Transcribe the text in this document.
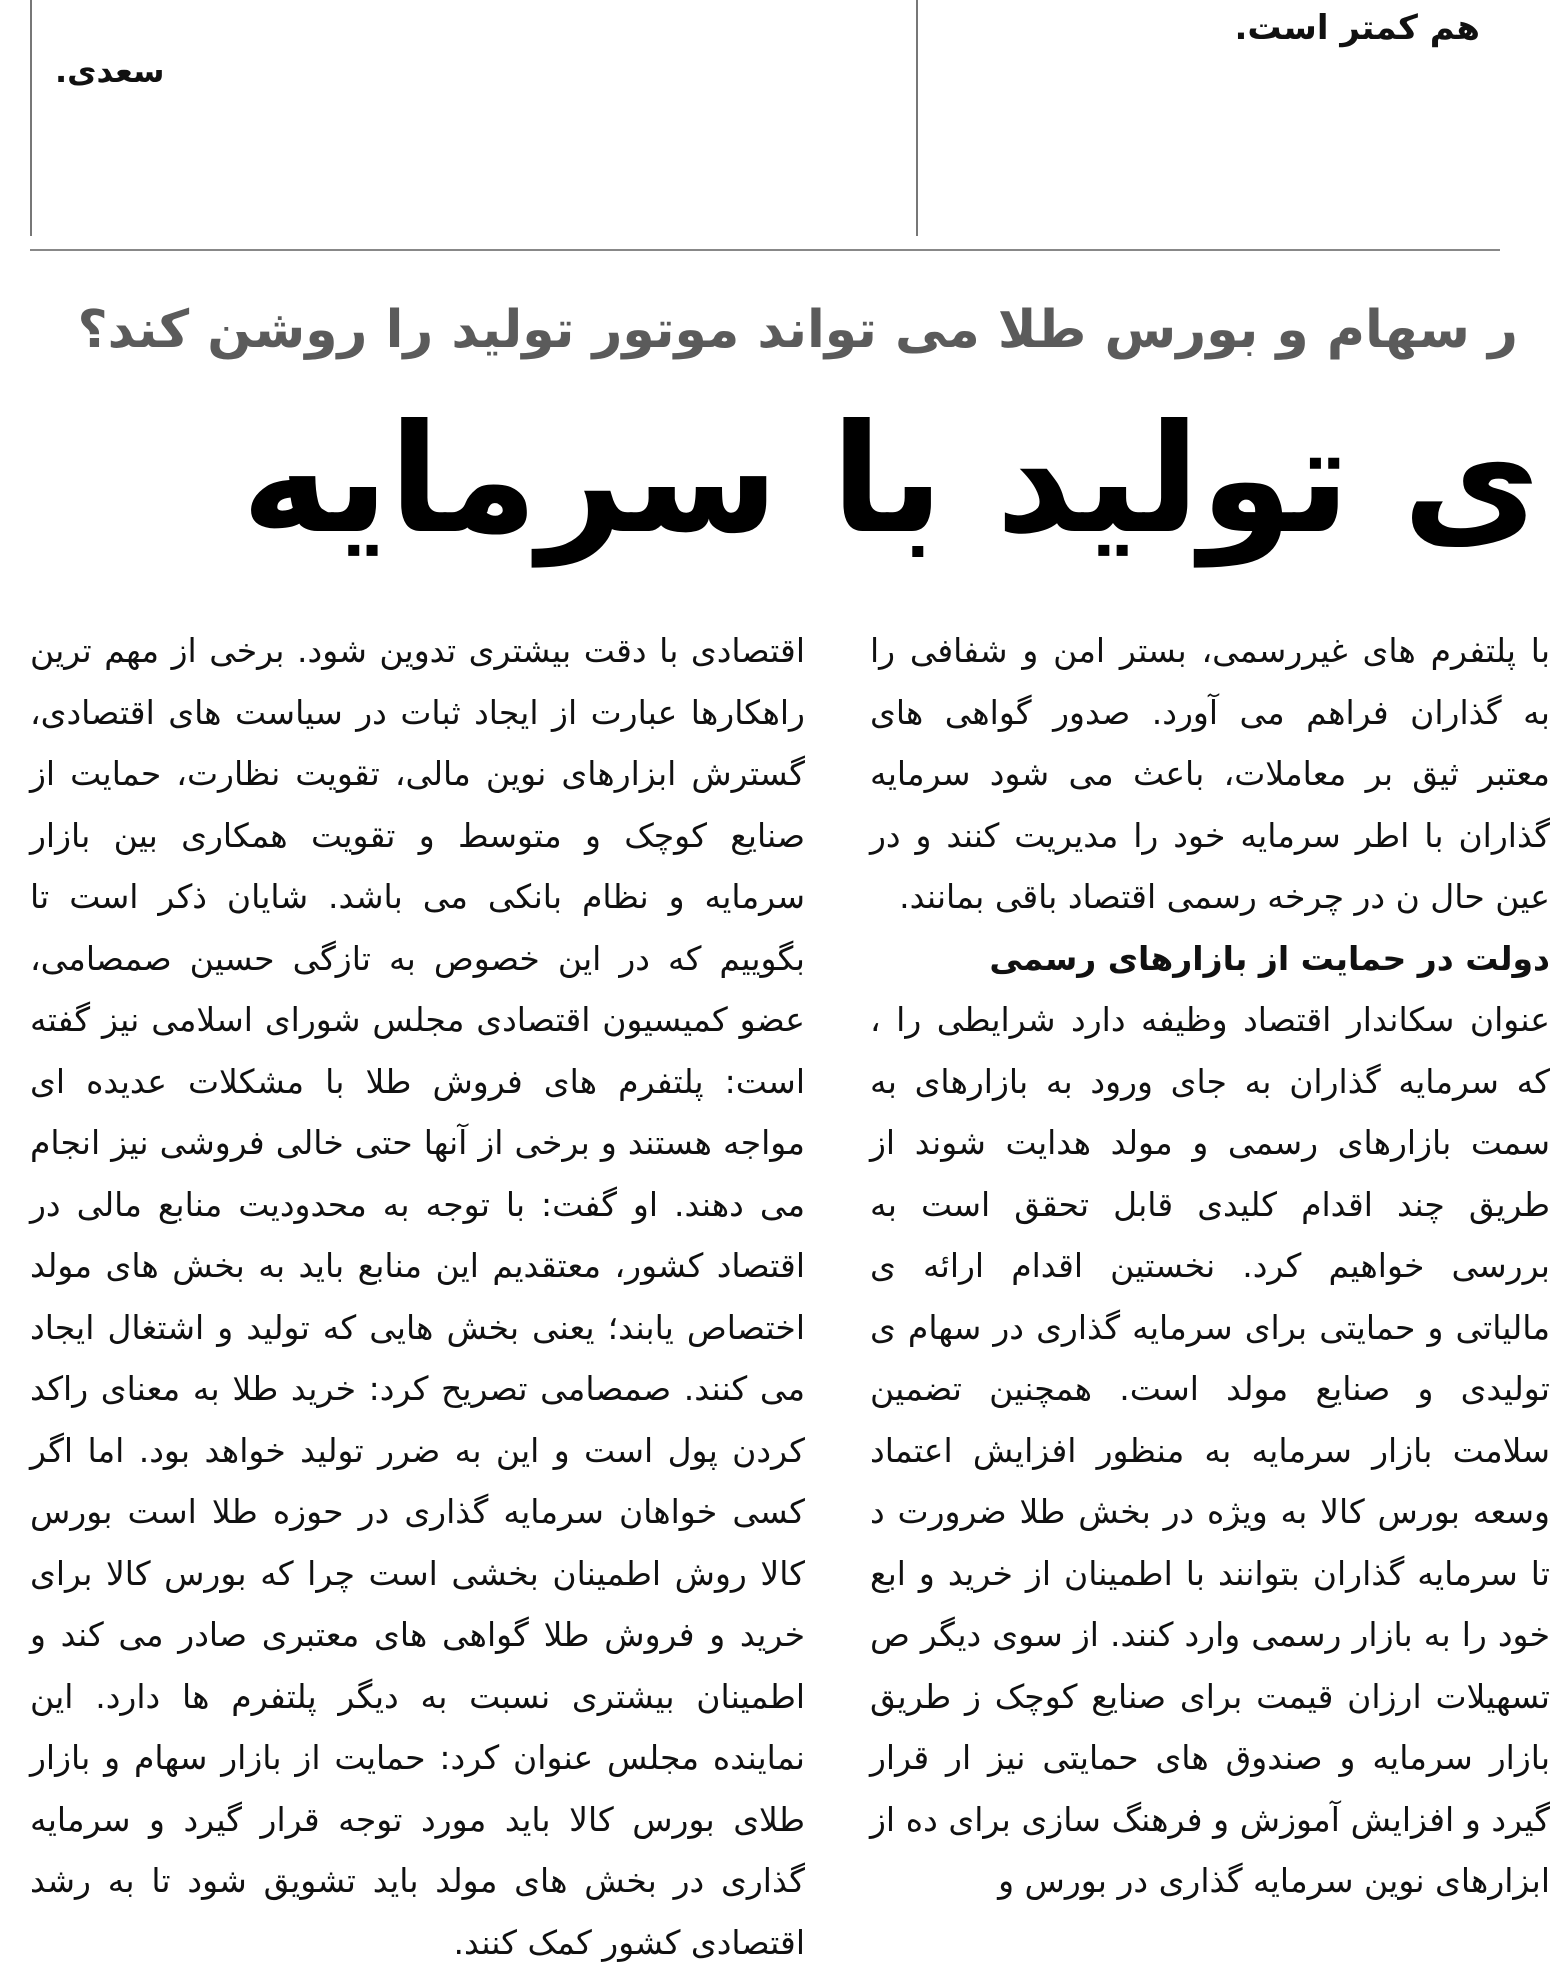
هم کمتر است.
سعدی.
ر سهام و بورس طلا می تواند موتور تولید را روشن کند؟
ی تولید با سرمایه

اقتصادی با دقت بیشتری تدوین شود. برخی از مهم ترین راهکارها عبارت از ایجاد ثبات در سیاست های اقتصادی، گسترش ابزارهای نوین مالی، تقویت نظارت، حمایت از صنایع کوچک و متوسط و تقویت همکاری بین بازار سرمایه و نظام بانکی می باشد. شایان ذکر است تا بگوییم که در این خصوص به تازگی حسین صمصامی، عضو کمیسیون اقتصادی مجلس شورای اسلامی نیز گفته است: پلتفرم های فروش طلا با مشکلات عدیده ای مواجه هستند و برخی از آنها حتی خالی فروشی نیز انجام می دهند. او گفت: با توجه به محدودیت منابع مالی در اقتصاد کشور، معتقدیم این منابع باید به بخش های مولد اختصاص یابند؛ یعنی بخش هایی که تولید و اشتغال ایجاد می کنند. صمصامی تصریح کرد: خرید طلا به معنای راکد کردن پول است و این به ضرر تولید خواهد بود. اما اگر کسی خواهان سرمایه گذاری در حوزه طلا است بورس کالا روش اطمینان بخشی است چرا که بورس کالا برای خرید و فروش طلا گواهی های معتبری صادر می کند و اطمینان بیشتری نسبت به دیگر پلتفرم ها دارد. این نماینده مجلس عنوان کرد: حمایت از بازار سهام و بازار طلای بورس کالا باید مورد توجه قرار گیرد و سرمایه گذاری در بخش های مولد باید تشویق شود تا به رشد اقتصادی کشور کمک کنند.

با پلتفرم های غیررسمی، بستر امن و شفافی را به گذاران فراهم می آورد. صدور گواهی های معتبر ثیق بر معاملات، باعث می شود سرمایه گذاران با اطر سرمایه خود را مدیریت کنند و در عین حال ن در چرخه رسمی اقتصاد باقی بمانند.

دولت در حمایت از بازارهای رسمی

عنوان سکاندار اقتصاد وظیفه دارد شرایطی را ، که سرمایه گذاران به جای ورود به بازارهای به سمت بازارهای رسمی و مولد هدایت شوند از طریق چند اقدام کلیدی قابل تحقق است به بررسی خواهیم کرد. نخستین اقدام ارائه ی مالیاتی و حمایتی برای سرمایه گذاری در سهام ی تولیدی و صنایع مولد است. همچنین تضمین سلامت بازار سرمایه به منظور افزایش اعتماد وسعه بورس کالا به ویژه در بخش طلا ضرورت د تا سرمایه گذاران بتوانند با اطمینان از خرید و ابع خود را به بازار رسمی وارد کنند. از سوی دیگر ص تسهیلات ارزان قیمت برای صنایع کوچک ز طریق بازار سرمایه و صندوق های حمایتی نیز ار قرار گیرد و افزایش آموزش و فرهنگ سازی برای ده از ابزارهای نوین سرمایه گذاری در بورس و
